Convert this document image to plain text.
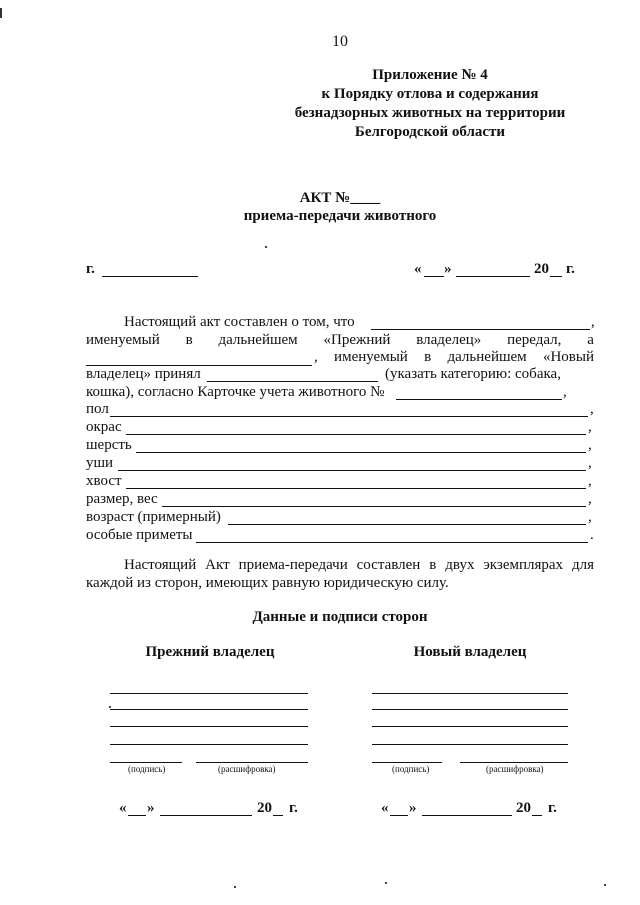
10
Приложение № 4
к Порядку отлова и содержания
безнадзорных животных на территории
Белгородской области
АКТ №____
приема-передачи животного
г.	« »	20 г.
Настоящий акт составлен о том, что	,
именуемый в дальнейшем «Прежний владелец» передал, а
, именуемый в дальнейшем «Новый
владелец» принял	(указать категорию: собака,
кошка), согласно Карточке учета животного №	,
пол	,
окрас	,
шерсть	,
уши	,
хвост	,
размер, вес	,
возраст (примерный)	,
особые приметы	.
Настоящий Акт приема-передачи составлен в двух экземплярах для
каждой из сторон, имеющих равную юридическую силу.
Данные и подписи сторон
Прежний владелец
(подпись)	(расшифровка)
« »	20 г.
Новый владелец
(подпись)	(расшифровка)
« »	20 г.
